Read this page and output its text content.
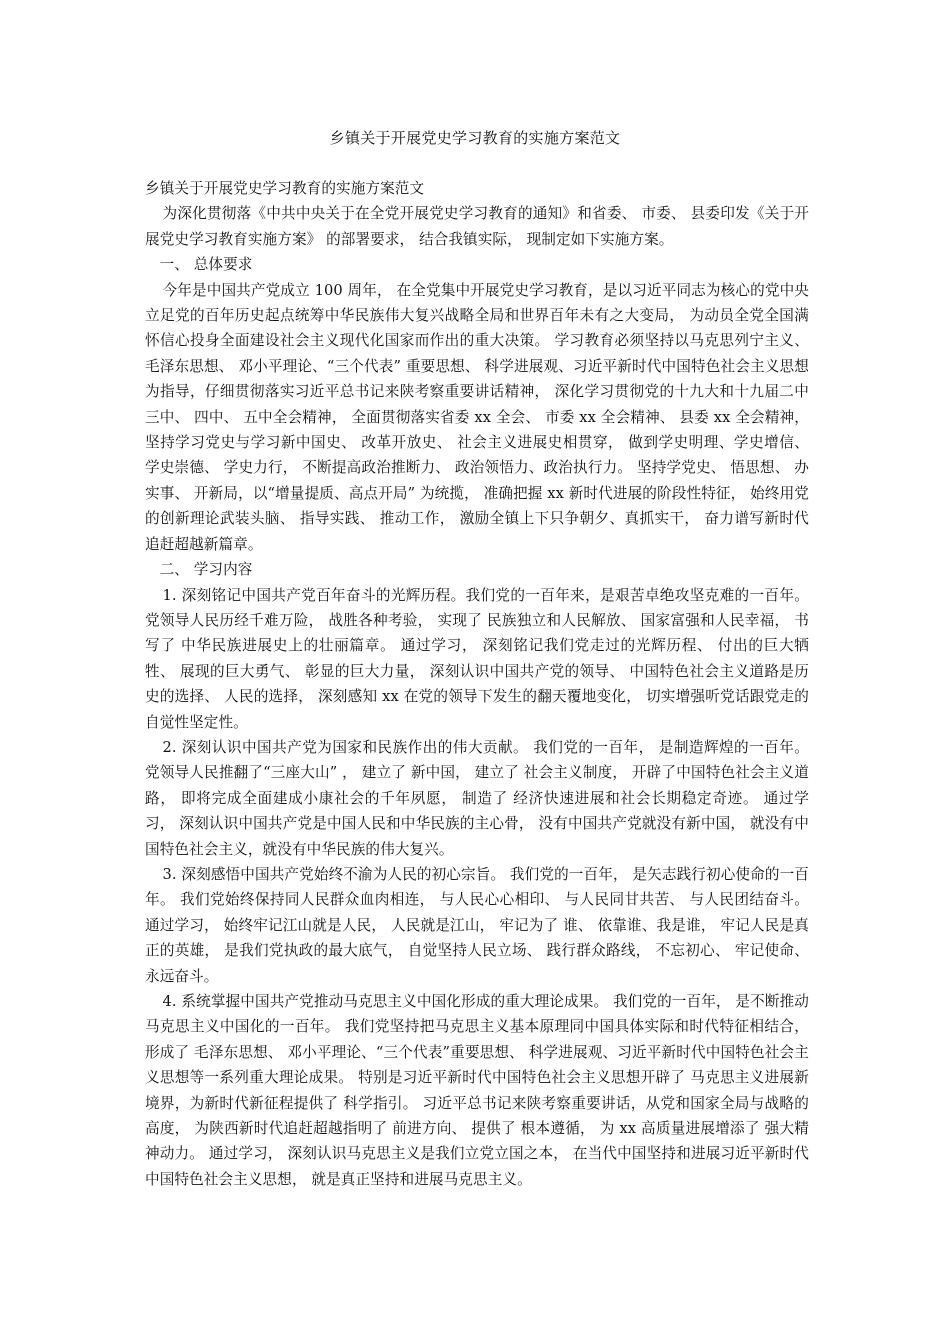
乡镇关于开展党史学习教育的实施方案范文

乡镇关于开展党史学习教育的实施方案范文

为深化贯彻落《中共中央关于在全党开展党史学习教育的通知》和省委、 市委、 县委印发《关于开展党史学习教育实施方案》 的部署要求， 结合我镇实际， 现制定如下实施方案。

一、 总体要求

今年是中国共产党成立 100 周年， 在全党集中开展党史学习教育，是以习近平同志为核心的党中央立足党的百年历史起点统筹中华民族伟大复兴战略全局和世界百年未有之大变局， 为动员全党全国满怀信心投身全面建设社会主义现代化国家而作出的重大决策。 学习教育必须坚持以马克思列宁主义、 毛泽东思想、 邓小平理论、“三个代表” 重要思想、 科学进展观、习近平新时代中国特色社会主义思想为指导，仔细贯彻落实习近平总书记来陕考察重要讲话精神， 深化学习贯彻党的十九大和十九届二中三中、 四中、 五中全会精神， 全面贯彻落实省委 xx 全会、 市委 xx 全会精神、 县委 xx 全会精神， 坚持学习党史与学习新中国史、 改革开放史、 社会主义进展史相贯穿， 做到学史明理、学史增信、 学史崇德、 学史力行， 不断提高政治推断力、 政治领悟力、政治执行力。 坚持学党史、 悟思想、 办实事、 开新局，以“增量提质、高点开局” 为统揽， 准确把握 xx 新时代进展的阶段性特征， 始终用党的创新理论武装头脑、 指导实践、 推动工作， 激励全镇上下只争朝夕、真抓实干， 奋力谱写新时代追赶超越新篇章。

二、 学习内容

1. 深刻铭记中国共产党百年奋斗的光辉历程。我们党的一百年来，是艰苦卓绝攻坚克难的一百年。 党领导人民历经千难万险， 战胜各种考验， 实现了 民族独立和人民解放、 国家富强和人民幸福， 书写了 中华民族进展史上的壮丽篇章。 通过学习， 深刻铭记我们党走过的光辉历程、 付出的巨大牺牲、 展现的巨大勇气、 彰显的巨大力量， 深刻认识中国共产党的领导、 中国特色社会主义道路是历史的选择、 人民的选择， 深刻感知 xx 在党的领导下发生的翻天覆地变化， 切实增强听党话跟党走的自觉性坚定性。

2. 深刻认识中国共产党为国家和民族作出的伟大贡献。 我们党的一百年， 是制造辉煌的一百年。 党领导人民推翻了“三座大山” ， 建立了 新中国， 建立了 社会主义制度， 开辟了中国特色社会主义道路， 即将完成全面建成小康社会的千年夙愿， 制造了 经济快速进展和社会长期稳定奇迹。 通过学习， 深刻认识中国共产党是中国人民和中华民族的主心骨， 没有中国共产党就没有新中国， 就没有中国特色社会主义，就没有中华民族的伟大复兴。

3. 深刻感悟中国共产党始终不渝为人民的初心宗旨。 我们党的一百年， 是矢志践行初心使命的一百年。 我们党始终保持同人民群众血肉相连， 与人民心心相印、 与人民同甘共苦、 与人民团结奋斗。 通过学习， 始终牢记江山就是人民， 人民就是江山， 牢记为了 谁、 依靠谁、我是谁， 牢记人民是真正的英雄， 是我们党执政的最大底气， 自觉坚持人民立场、 践行群众路线， 不忘初心、 牢记使命、 永远奋斗。

4. 系统掌握中国共产党推动马克思主义中国化形成的重大理论成果。 我们党的一百年， 是不断推动马克思主义中国化的一百年。 我们党坚持把马克思主义基本原理同中国具体实际和时代特征相结合，形成了 毛泽东思想、 邓小平理论、“三个代表”重要思想、 科学进展观、习近平新时代中国特色社会主义思想等一系列重大理论成果。 特别是习近平新时代中国特色社会主义思想开辟了 马克思主义进展新境界，为新时代新征程提供了 科学指引。 习近平总书记来陕考察重要讲话，从党和国家全局与战略的高度， 为陕西新时代追赶超越指明了 前进方向、 提供了 根本遵循， 为 xx 高质量进展增添了 强大精神动力。 通过学习， 深刻认识马克思主义是我们立党立国之本， 在当代中国坚持和进展习近平新时代中国特色社会主义思想， 就是真正坚持和进展马克思主义。
